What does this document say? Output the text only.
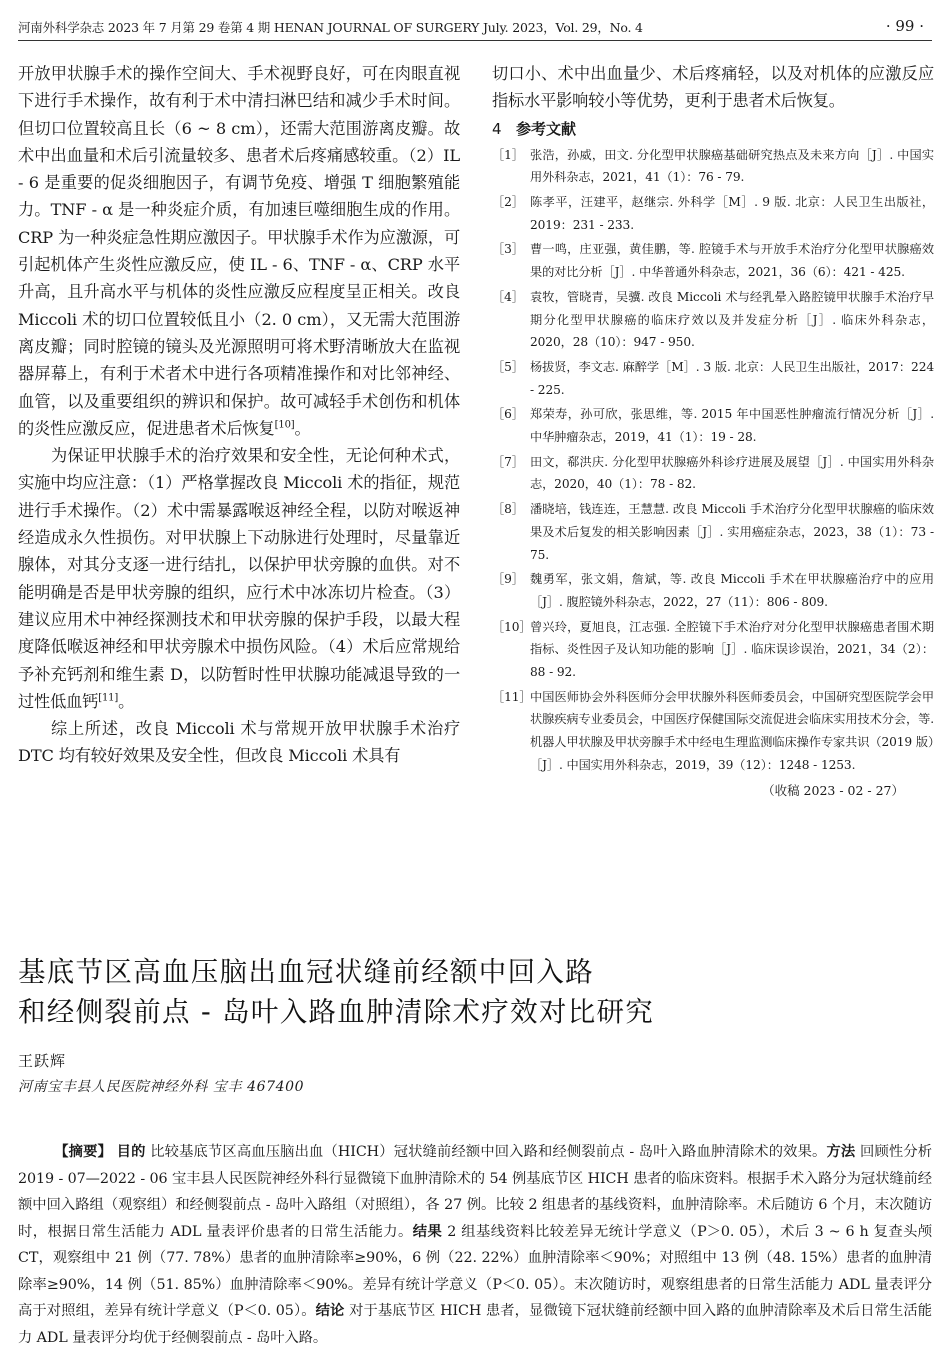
河南外科学杂志 2023 年 7 月第 29 卷第 4 期 HENAN JOURNAL OF SURGERY July. 2023，Vol. 29，No. 4	· 99 ·

开放甲状腺手术的操作空间大、手术视野良好，可在肉眼直视下进行手术操作，故有利于术中清扫淋巴结和减少手术时间。但切口位置较高且长（6 ~ 8 cm），还需大范围游离皮瓣。故术中出血量和术后引流量较多、患者术后疼痛感较重。（2）IL - 6 是重要的促炎细胞因子，有调节免疫、增强 T 细胞繁殖能力。TNF - α 是一种炎症介质，有加速巨噬细胞生成的作用。CRP 为一种炎症急性期应激因子。甲状腺手术作为应激源，可引起机体产生炎性应激反应，使 IL - 6、TNF - α、CRP 水平升高，且升高水平与机体的炎性应激反应程度呈正相关。改良 Miccoli 术的切口位置较低且小（2. 0 cm），又无需大范围游离皮瓣；同时腔镜的镜头及光源照明可将术野清晰放大在监视器屏幕上，有利于术者术中进行各项精准操作和对比邻神经、血管，以及重要组织的辨识和保护。故可减轻手术创伤和机体的炎性应激反应，促进患者术后恢复[10]。

为保证甲状腺手术的治疗效果和安全性，无论何种术式，实施中均应注意：（1）严格掌握改良 Miccoli 术的指征，规范进行手术操作。（2）术中需暴露喉返神经全程，以防对喉返神经造成永久性损伤。对甲状腺上下动脉进行处理时，尽量靠近腺体，对其分支逐一进行结扎，以保护甲状旁腺的血供。对不能明确是否是甲状旁腺的组织，应行术中冰冻切片检查。（3）建议应用术中神经探测技术和甲状旁腺的保护手段，以最大程度降低喉返神经和甲状旁腺术中损伤风险。（4）术后应常规给予补充钙剂和维生素 D，以防暂时性甲状腺功能减退导致的一过性低血钙[11]。

综上所述，改良 Miccoli 术与常规开放甲状腺手术治疗 DTC 均有较好效果及安全性，但改良 Miccoli 术具有

切口小、术中出血量少、术后疼痛轻，以及对机体的应激反应指标水平影响较小等优势，更利于患者术后恢复。

4 参考文献
［1］ 张浩，孙威，田文. 分化型甲状腺癌基础研究热点及未来方向［J］. 中国实用外科杂志，2021，41（1）：76 - 79.
［2］ 陈孝平，汪建平，赵继宗. 外科学［M］. 9 版. 北京：人民卫生出版社，2019：231 - 233.
［3］ 曹一鸣，庄亚强，黄佳鹏，等. 腔镜手术与开放手术治疗分化型甲状腺癌效果的对比分析［J］. 中华普通外科杂志，2021，36（6）：421 - 425.
［4］ 袁牧，管晓青，吴骥. 改良 Miccoli 术与经乳晕入路腔镜甲状腺手术治疗早期分化型甲状腺癌的临床疗效以及并发症分析［J］. 临床外科杂志，2020，28（10）：947 - 950.
［5］ 杨拔贤，李文志. 麻醉学［M］. 3 版. 北京：人民卫生出版社，2017：224 - 225.
［6］ 郑荣寿，孙可欣，张思维，等. 2015 年中国恶性肿瘤流行情况分析［J］. 中华肿瘤杂志，2019，41（1）：19 - 28.
［7］ 田文，郗洪庆. 分化型甲状腺癌外科诊疗进展及展望［J］. 中国实用外科杂志，2020，40（1）：78 - 82.
［8］ 潘晓培，钱连连，王慧慧. 改良 Miccoli 手术治疗分化型甲状腺癌的临床效果及术后复发的相关影响因素［J］. 实用癌症杂志，2023，38（1）：73 - 75.
［9］ 魏勇军，张文娟，詹斌，等. 改良 Miccoli 手术在甲状腺癌治疗中的应用［J］. 腹腔镜外科杂志，2022，27（11）：806 - 809.
［10］
曾兴玲，夏旭良，江志强. 全腔镜下手术治疗对分化型甲状腺癌患者围术期指标、炎性因子及认知功能的影响［J］. 临床误诊误治，2021，34（2）：88 - 92.
［11］
中国医师协会外科医师分会甲状腺外科医师委员会，中国研究型医院学会甲状腺疾病专业委员会，中国医疗保健国际交流促进会临床实用技术分会，等. 机器人甲状腺及甲状旁腺手术中经电生理监测临床操作专家共识（2019 版）［J］. 中国实用外科杂志，2019，39（12）：1248 - 1253.
（收稿 2023 - 02 - 27）
基底节区高血压脑出血冠状缝前经额中回入路
和经侧裂前点 - 岛叶入路血肿清除术疗效对比研究
王跃辉
河南宝丰县人民医院神经外科 宝丰 467400
【摘要】 目的 比较基底节区高血压脑出血（HICH）冠状缝前经额中回入路和经侧裂前点 - 岛叶入路血肿清除术的效果。方法 回顾性分析 2019 - 07—2022 - 06 宝丰县人民医院神经外科行显微镜下血肿清除术的 54 例基底节区 HICH 患者的临床资料。根据手术入路分为冠状缝前经额中回入路组（观察组）和经侧裂前点 - 岛叶入路组（对照组），各 27 例。比较 2 组患者的基线资料，血肿清除率。术后随访 6 个月，末次随访时，根据日常生活能力 ADL 量表评价患者的日常生活能力。结果 2 组基线资料比较差异无统计学意义（P＞0. 05），术后 3 ~ 6 h 复查头颅 CT，观察组中 21 例（77. 78%）患者的血肿清除率≥90%，6 例（22. 22%）血肿清除率＜90%；对照组中 13 例（48. 15%）患者的血肿清除率≥90%，14 例（51. 85%）血肿清除率＜90%。差异有统计学意义（P＜0. 05）。末次随访时，观察组患者的日常生活能力 ADL 量表评分高于对照组，差异有统计学意义（P＜0. 05）。结论 对于基底节区 HICH 患者，显微镜下冠状缝前经额中回入路的血肿清除率及术后日常生活能力 ADL 量表评分均优于经侧裂前点 - 岛叶入路。
